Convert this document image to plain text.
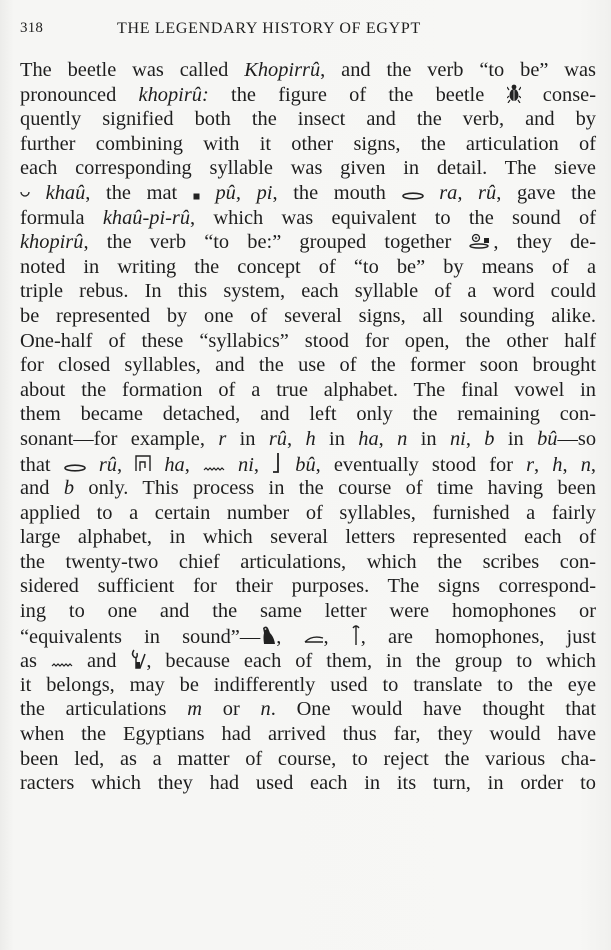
318	THE LEGENDARY HISTORY OF EGYPT
The beetle was called Khopirrû, and the verb “to be” was
pronounced khopirû: the figure of the beetle  conse-
quently signified both the insect and the verb, and by
further combining with it other signs, the articulation of
each corresponding syllable was given in detail. The sieve
khaû, the mat  pû, pi, the mouth  ra, rû, gave the
formula khaû-pi-rû, which was equivalent to the sound of
khopirû, the verb “to be:” grouped together , they de-
noted in writing the concept of “to be” by means of a
triple rebus. In this system, each syllable of a word could
be represented by one of several signs, all sounding alike.
One-half of these “syllabics” stood for open, the other half
for closed syllables, and the use of the former soon brought
about the formation of a true alphabet. The final vowel in
them became detached, and left only the remaining con-
sonant—for example, r in rû, h in ha, n in ni, b in bû—so
that  rû,  ha,  ni,  bû, eventually stood for r, h, n,
and b only. This process in the course of time having been
applied to a certain number of syllables, furnished a fairly
large alphabet, in which several letters represented each of
the twenty-two chief articulations, which the scribes con-
sidered sufficient for their purposes. The signs correspond-
ing to one and the same letter were homophones or
“equivalents in sound”— , , , are homophones, just
as  and , because each of them, in the group to which
it belongs, may be indifferently used to translate to the eye
the articulations m or n. One would have thought that
when the Egyptians had arrived thus far, they would have
been led, as a matter of course, to reject the various cha-
racters which they had used each in its turn, in order to
